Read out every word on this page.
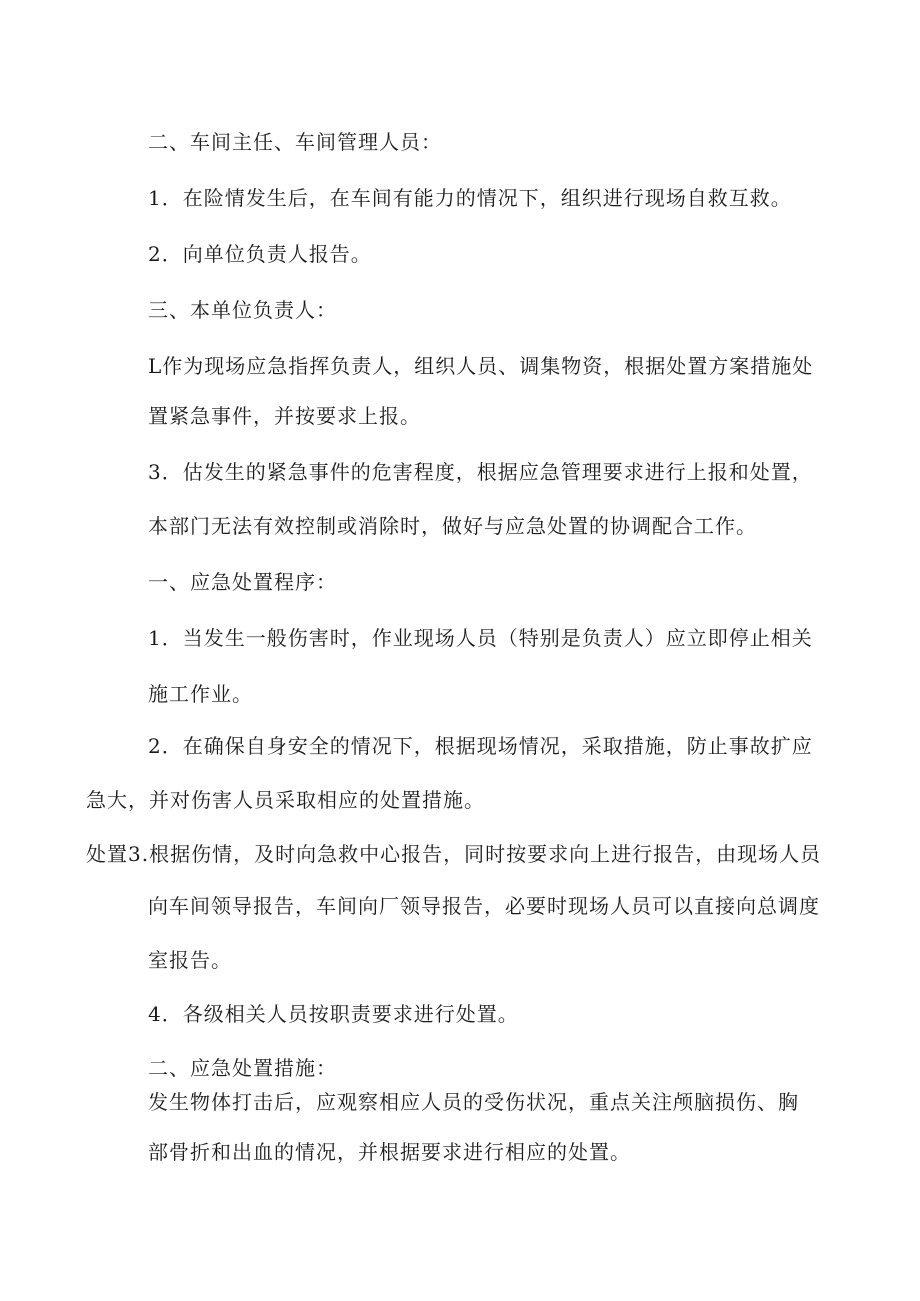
二、车间主任、车间管理人员：
1．在险情发生后，在车间有能力的情况下，组织进行现场自救互救。
2．向单位负责人报告。
三、本单位负责人：
L作为现场应急指挥负责人，组织人员、调集物资，根据处置方案措施处
置紧急事件，并按要求上报。
3．估发生的紧急事件的危害程度，根据应急管理要求进行上报和处置，
本部门无法有效控制或消除时，做好与应急处置的协调配合工作。
一、应急处置程序：
1．当发生一般伤害时，作业现场人员（特别是负责人）应立即停止相关
施工作业。
2．在确保自身安全的情况下，根据现场情况，采取措施，防止事故扩应
急大，并对伤害人员采取相应的处置措施。
处置3.根据伤情，及时向急救中心报告，同时按要求向上进行报告，由现场人员
向车间领导报告，车间向厂领导报告，必要时现场人员可以直接向总调度
室报告。
4．各级相关人员按职责要求进行处置。
二、应急处置措施：
发生物体打击后，应观察相应人员的受伤状况，重点关注颅脑损伤、胸
部骨折和出血的情况，并根据要求进行相应的处置。
